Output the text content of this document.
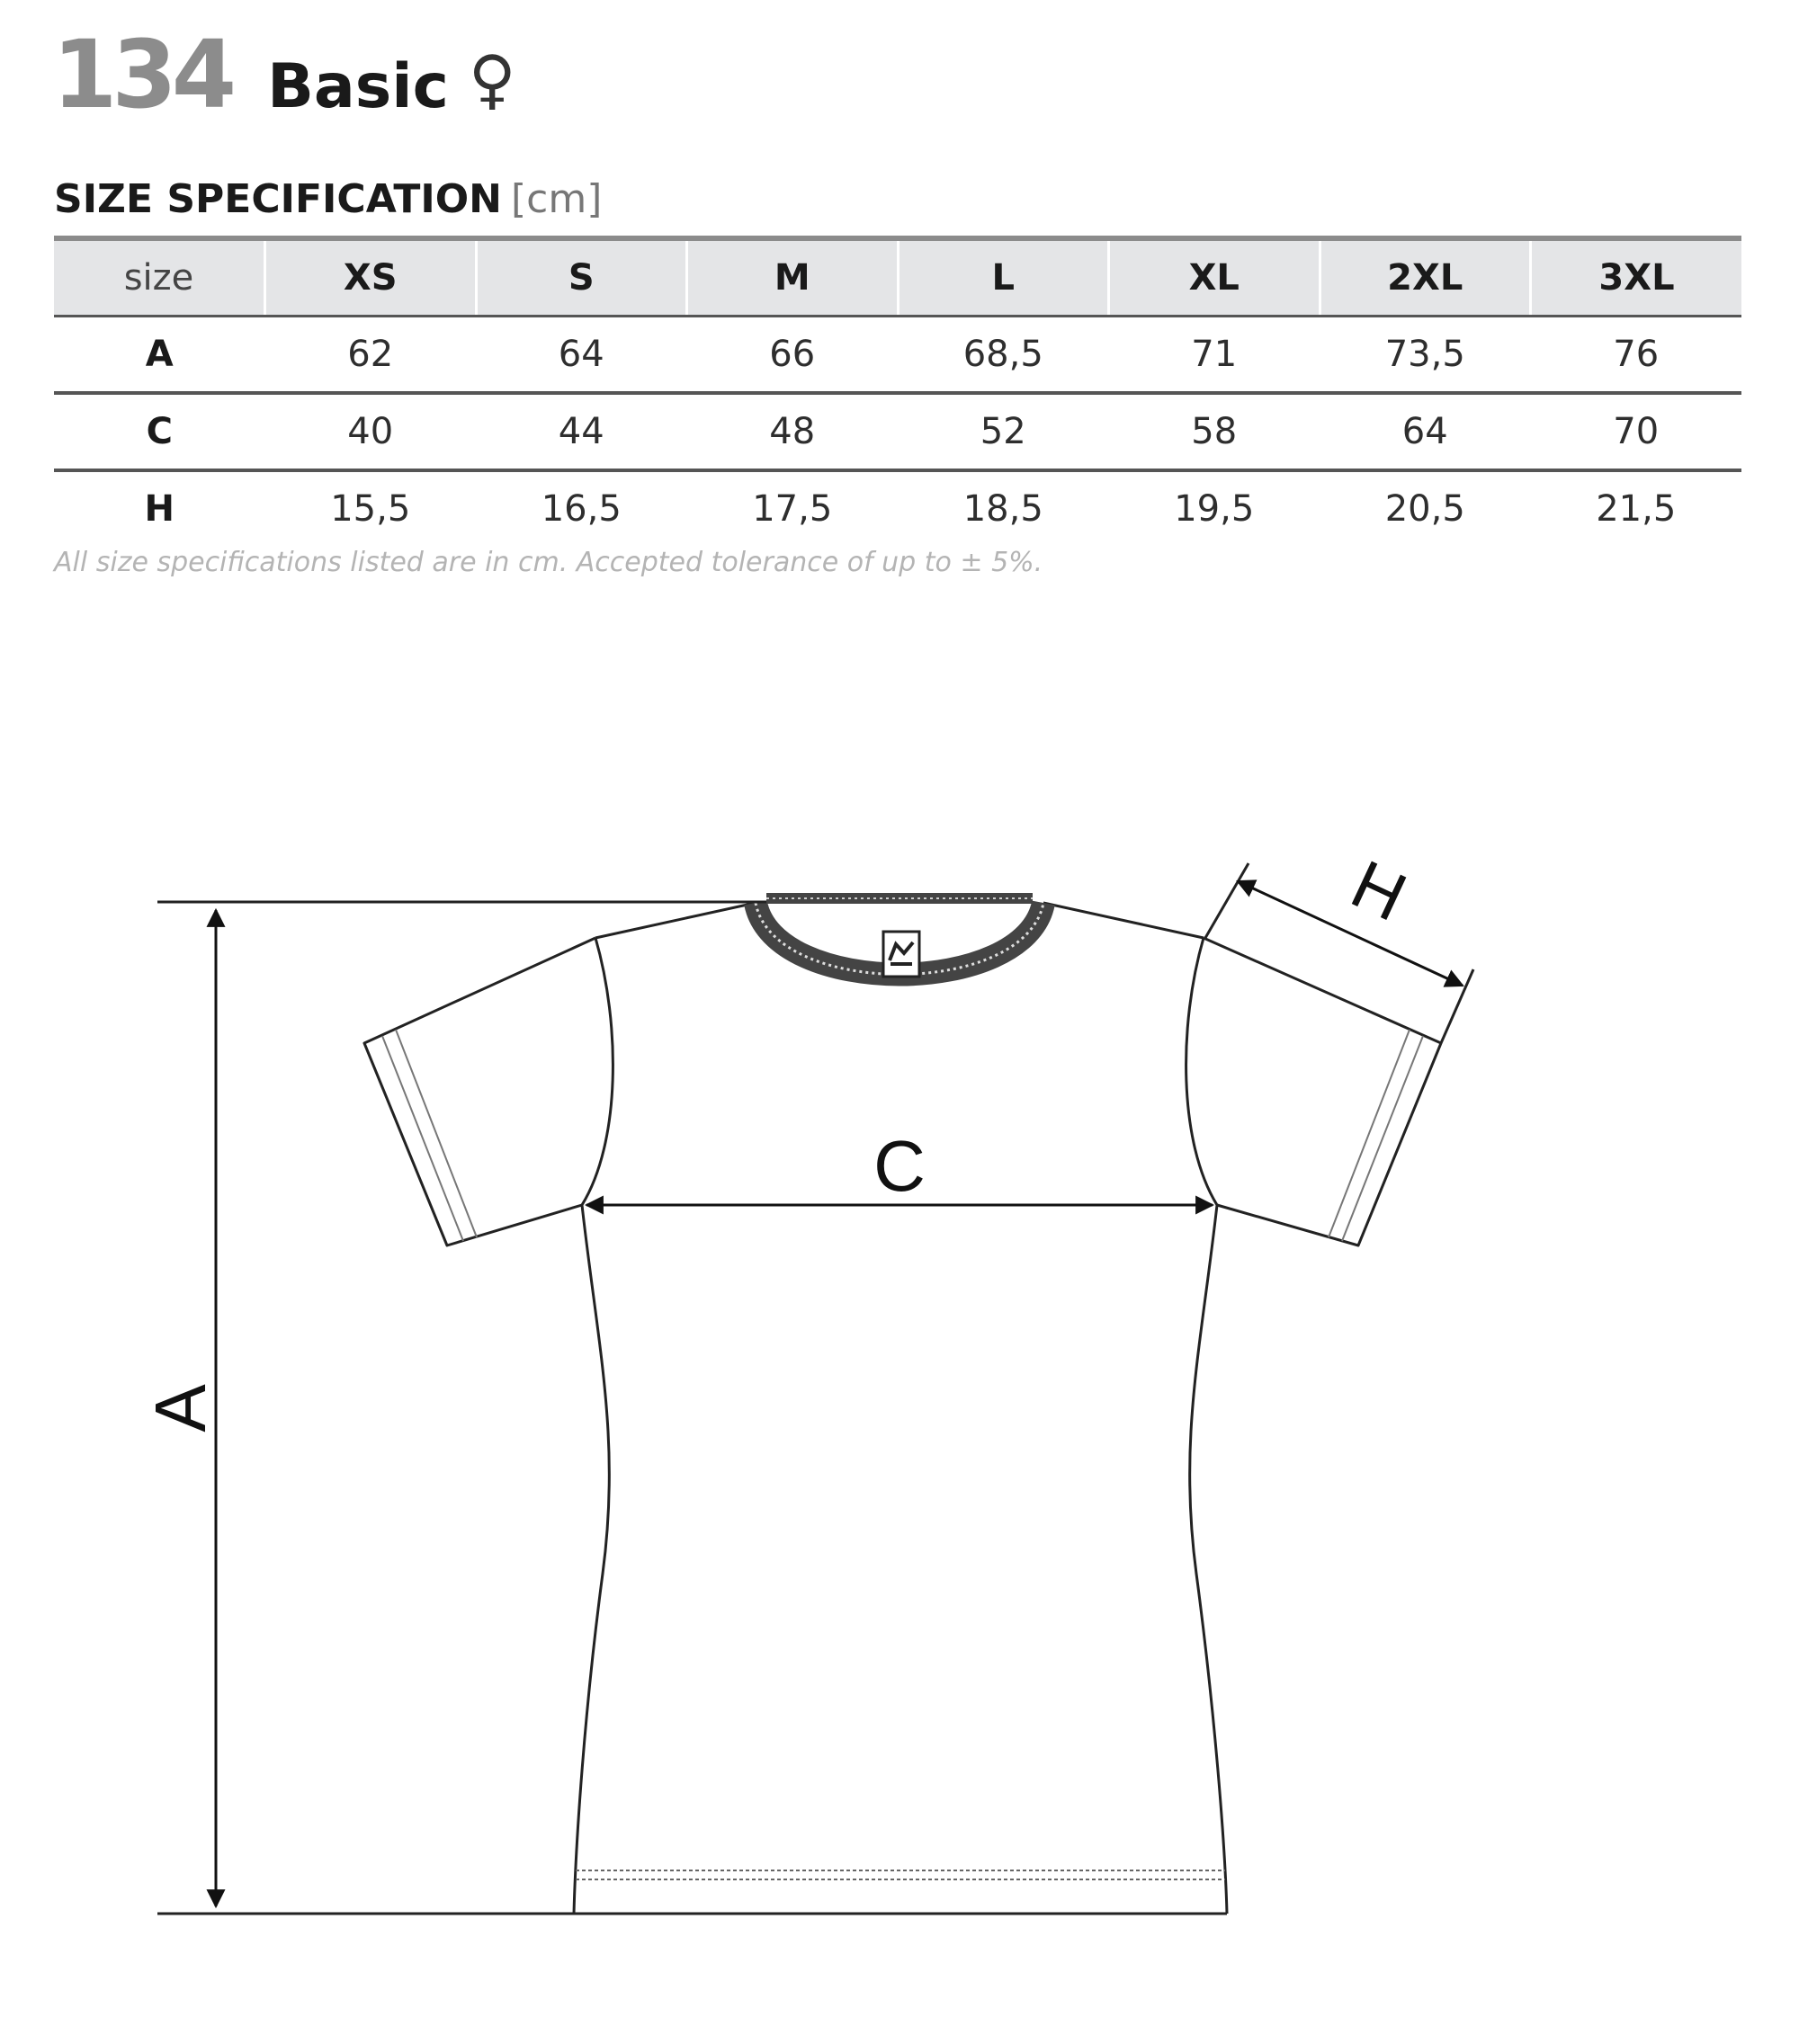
134 Basic ♀
SIZE SPECIFICATION [cm]
size	XS	S	M	L	XL	2XL	3XL
A	62	64	66	68,5	71	73,5	76
C	40	44	48	52	58	64	70
H	15,5	16,5	17,5	18,5	19,5	20,5	21,5
All size specifications listed are in cm. Accepted tolerance of up to ± 5%.
A
C
H
